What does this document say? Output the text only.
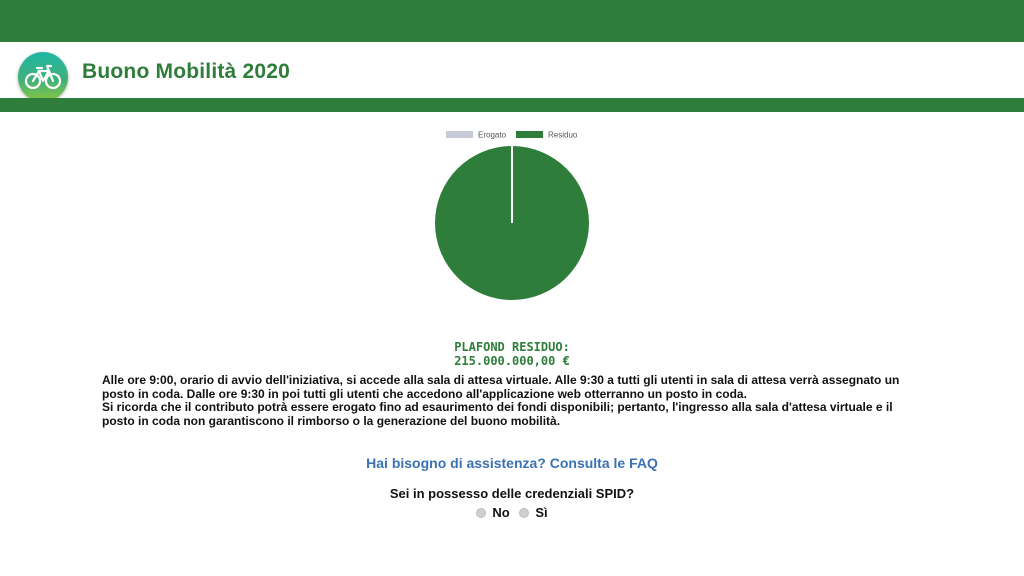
Buono Mobilità 2020
Erogato	Residuo
PLAFOND RESIDUO:
215.000.000,00 €

Alle ore 9:00, orario di avvio dell'iniziativa, si accede alla sala di attesa virtuale. Alle 9:30 a tutti gli utenti in sala di attesa verrà assegnato un posto in coda. Dalle ore 9:30 in poi tutti gli utenti che accedono all'applicazione web otterranno un posto in coda.

Si ricorda che il contributo potrà essere erogato fino ad esaurimento dei fondi disponibili; pertanto, l'ingresso alla sala d'attesa virtuale e il posto in coda non garantiscono il rimborso o la generazione del buono mobilità.

Hai bisogno di assistenza? Consulta le FAQ
Sei in possesso delle credenziali SPID?
No
Sì
